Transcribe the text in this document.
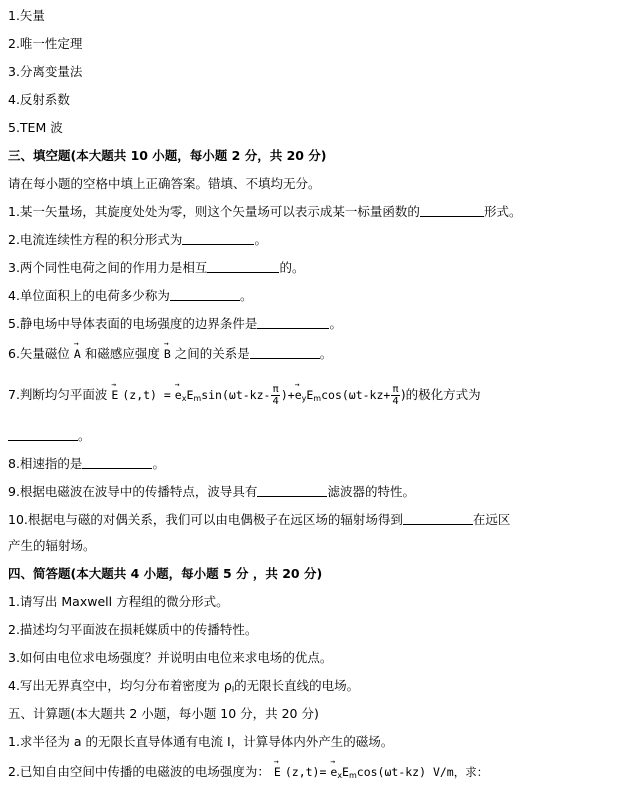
1.矢量
2.唯一性定理
3.分离变量法
4.反射系数
5.TEM 波
三、填空题(本大题共 10 小题，每小题 2 分，共 20 分)
请在每小题的空格中填上正确答案。错填、不填均无分。
1.某一矢量场，其旋度处处为零，则这个矢量场可以表示成某一标量函数的	形式。
2.电流连续性方程的积分形式为	。
3.两个同性电荷之间的作用力是相互	的。
4.单位面积上的电荷多少称为	。
5.静电场中导体表面的电场强度的边界条件是	。
6.矢量磁位 → A 和磁感应强度 → B 之间的关系是	。
7.判断均匀平面波 → E (z,t) = → $e_xE_m\sin(\omega t-kz- \frac{\pi}{4}$ )+→ $e_yE_m\cos(\omega t-kz+ \frac{\pi}{4}$ )的极化方式为
。
8.相速指的是	。
9.根据电磁波在波导中的传播特点，波导具有	滤波器的特性。
10.根据电与磁的对偶关系，我们可以由电偶极子在远区场的辐射场得到	在远区
产生的辐射场。
四、简答题(本大题共 4 小题，每小题 5 分 ，共 20 分)
1.请写出 Maxwell 方程组的微分形式。
2.描述均匀平面波在损耗媒质中的传播特性。
3.如何由电位求电场强度？并说明由电位来求电场的优点。
4.写出无界真空中，均匀分布着密度为 $\rho_l$的无限长直线的电场。
五、计算题(本大题共 2 小题，每小题 10 分，共 20 分)
1.求半径为 a 的无限长直导体通有电流 I，计算导体内外产生的磁场。
2.已知自由空间中传播的电磁波的电场强度为： → E $(z,t)= \to e_xE_m\cos(\omega t-kz)$ V/m，求：
